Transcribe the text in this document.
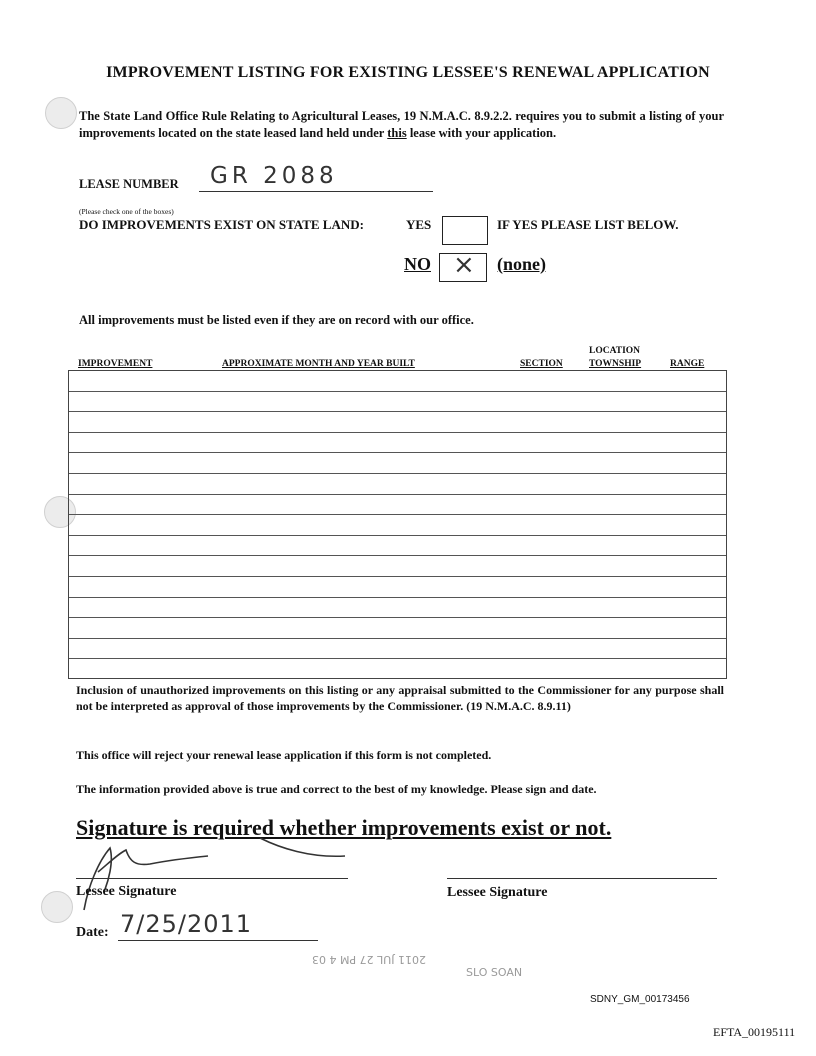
IMPROVEMENT LISTING FOR EXISTING LESSEE'S RENEWAL APPLICATION
The State Land Office Rule Relating to Agricultural Leases, 19 N.M.A.C. 8.9.2.2. requires you to submit a listing of your improvements located on the state leased land held under this lease with your application.
LEASE NUMBER GR 2088
(Please check one of the boxes)
DO IMPROVEMENTS EXIST ON STATE LAND:	YES	IF YES PLEASE LIST BELOW.
NO × (none)
All improvements must be listed even if they are on record with our office.
LOCATION
IMPROVEMENT	APPROXIMATE MONTH AND YEAR BUILT	SECTION	TOWNSHIP	RANGE
Inclusion of unauthorized improvements on this listing or any appraisal submitted to the Commissioner for any purpose shall not be interpreted as approval of those improvements by the Commissioner. (19 N.M.A.C. 8.9.11)
This office will reject your renewal lease application if this form is not completed.
The information provided above is true and correct to the best of my knowledge. Please sign and date.
Signature is required whether improvements exist or not.
Lessee Signature	Lessee Signature
Date: 7/25/2011
2011 JUL 27 PM 4 03
SLO SOAN
SDNY_GM_00173456
EFTA_00195111
